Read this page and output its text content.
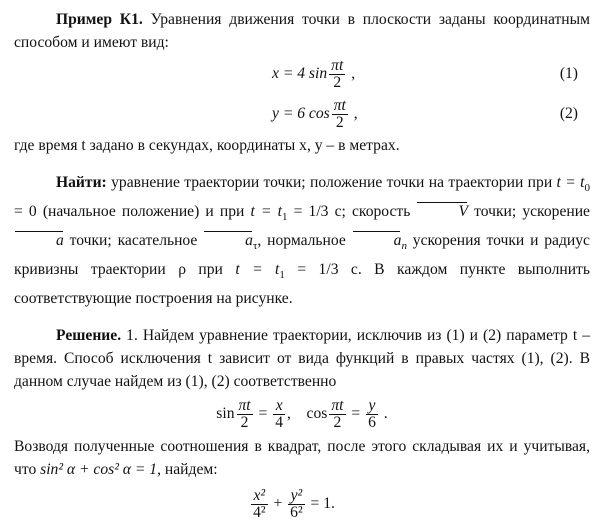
Пример К1. Уравнения движения точки в плоскости заданы координатным способом и имеют вид:

x = 4 $\sin \frac{\pi t}{2}$ ,	(1)
y = 6 $\cos \frac{\pi t}{2}$ ,	(2)

где время t задано в секундах, координаты x, y – в метрах.

Найти: уравнение траектории точки; положение точки на траектории при $t = t_0 = 0$ (начальное положение) и при $t = t_1 = 1/3$ с; скорость	V точки; ускорение a точки; касательное	$a_\tau$, нормальное	$a_n$ ускорения точки и радиус кривизны траектории ρ при $t = t_1 = 1/3$ с. В каждом пункте выполнить соответствующие построения на рисунке.

Решение. 1. Найдем уравнение траектории, исключив из (1) и (2) параметр t – время. Способ исключения t зависит от вида функций в правых частях (1), (2). В данном случае найдем из (1), (2) соответственно

$\sin \frac{\pi t}{2} = \frac{x}{4}$ ,    $\cos \frac{\pi t}{2} = \frac{y}{6}$ .

Возводя полученные соотношения в квадрат, после этого складывая их и учитывая, что sin² α + cos² α = 1, найдем:

$\frac{\text{x²}}{\text{4²}} + \frac{\text{y²}}{\text{6²}} = 1$.
